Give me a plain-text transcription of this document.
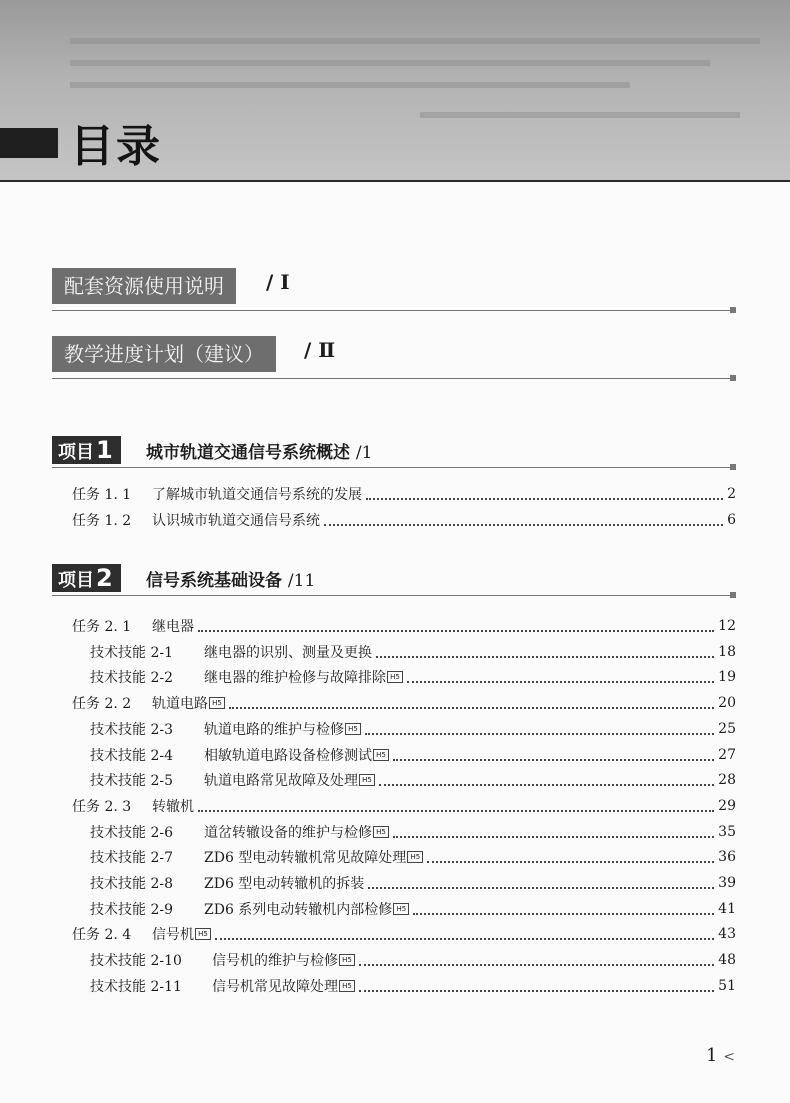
目录
配套资源使用说明	/ I
教学进度计划（建议）	/ Ⅱ
项目1	城市轨道交通信号系统概述 /1
任务 1. 1	了解城市轨道交通信号系统的发展	2
任务 1. 2	认识城市轨道交通信号系统	6
项目2	信号系统基础设备 /11
任务 2. 1	继电器	12
技术技能 2-1	继电器的识别、测量及更换	18
技术技能 2-2	继电器的维护检修与故障排除 H5	19
任务 2. 2	轨道电路 H5	20
技术技能 2-3	轨道电路的维护与检修 H5	25
技术技能 2-4	相敏轨道电路设备检修测试 H5	27
技术技能 2-5	轨道电路常见故障及处理 H5	28
任务 2. 3	转辙机	29
技术技能 2-6	道岔转辙设备的维护与检修 H5	35
技术技能 2-7	ZD6 型电动转辙机常见故障处理 H5	36
技术技能 2-8	ZD6 型电动转辙机的拆装	39
技术技能 2-9	ZD6 系列电动转辙机内部检修 H5	41
任务 2. 4	信号机 H5	43
技术技能 2-10	信号机的维护与检修 H5	48
技术技能 2-11	信号机常见故障处理 H5	51
1 <
